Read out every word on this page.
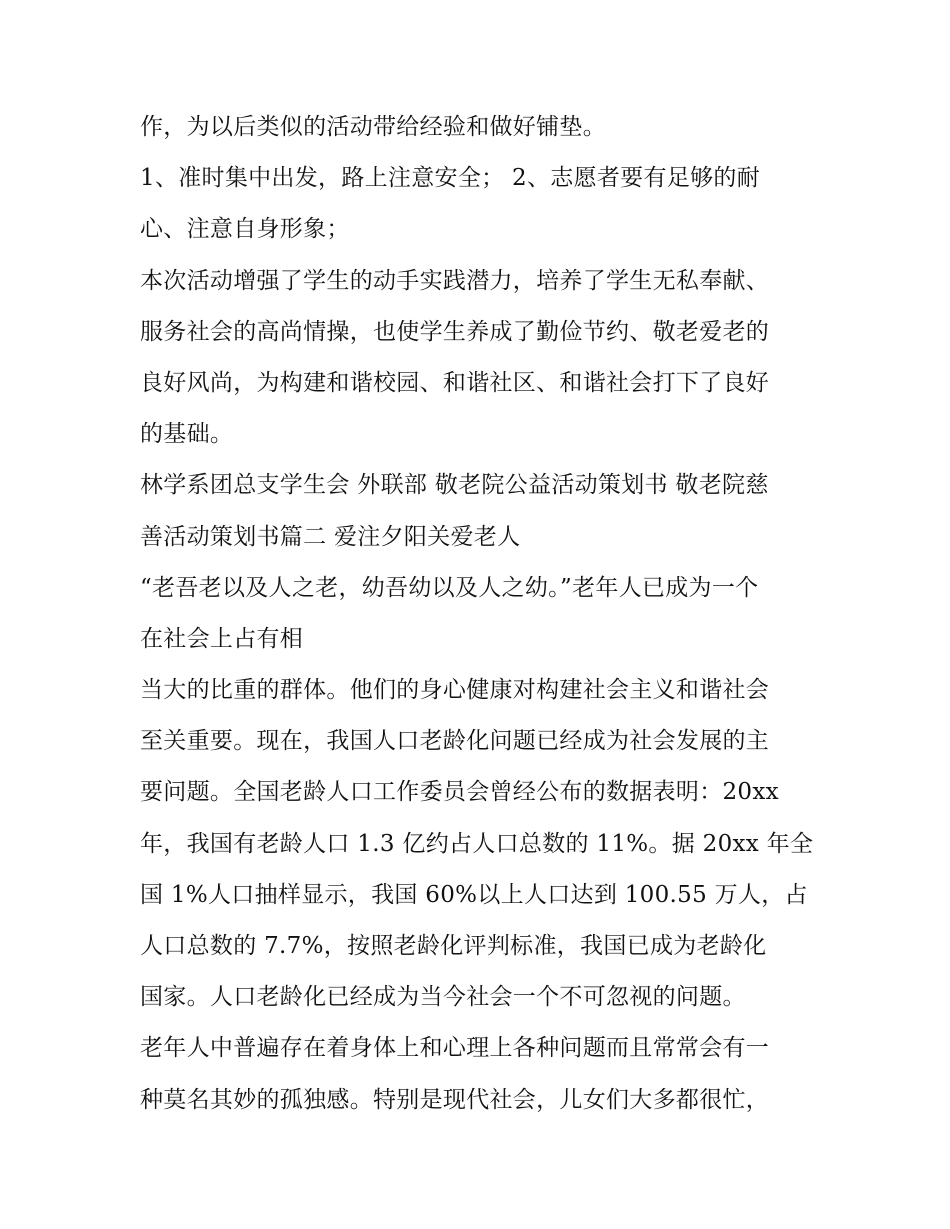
作，为以后类似的活动带给经验和做好铺垫。
1、准时集中出发，路上注意安全； 2、志愿者要有足够的耐
心、注意自身形象；
本次活动增强了学生的动手实践潜力，培养了学生无私奉献、
服务社会的高尚情操，也使学生养成了勤俭节约、敬老爱老的
良好风尚，为构建和谐校园、和谐社区、和谐社会打下了良好
的基础。
林学系团总支学生会 外联部 敬老院公益活动策划书 敬老院慈
善活动策划书篇二 爱注夕阳关爱老人
“老吾老以及人之老，幼吾幼以及人之幼。”老年人已成为一个
在社会上占有相
当大的比重的群体。他们的身心健康对构建社会主义和谐社会
至关重要。现在，我国人口老龄化问题已经成为社会发展的主
要问题。全国老龄人口工作委员会曾经公布的数据表明：20xx
年，我国有老龄人口 1.3 亿约占人口总数的 11%。据 20xx 年全
国 1%人口抽样显示，我国 60%以上人口达到 100.55 万人，占
人口总数的 7.7%，按照老龄化评判标准，我国已成为老龄化
国家。人口老龄化已经成为当今社会一个不可忽视的问题。
老年人中普遍存在着身体上和心理上各种问题而且常常会有一
种莫名其妙的孤独感。特别是现代社会，儿女们大多都很忙，
